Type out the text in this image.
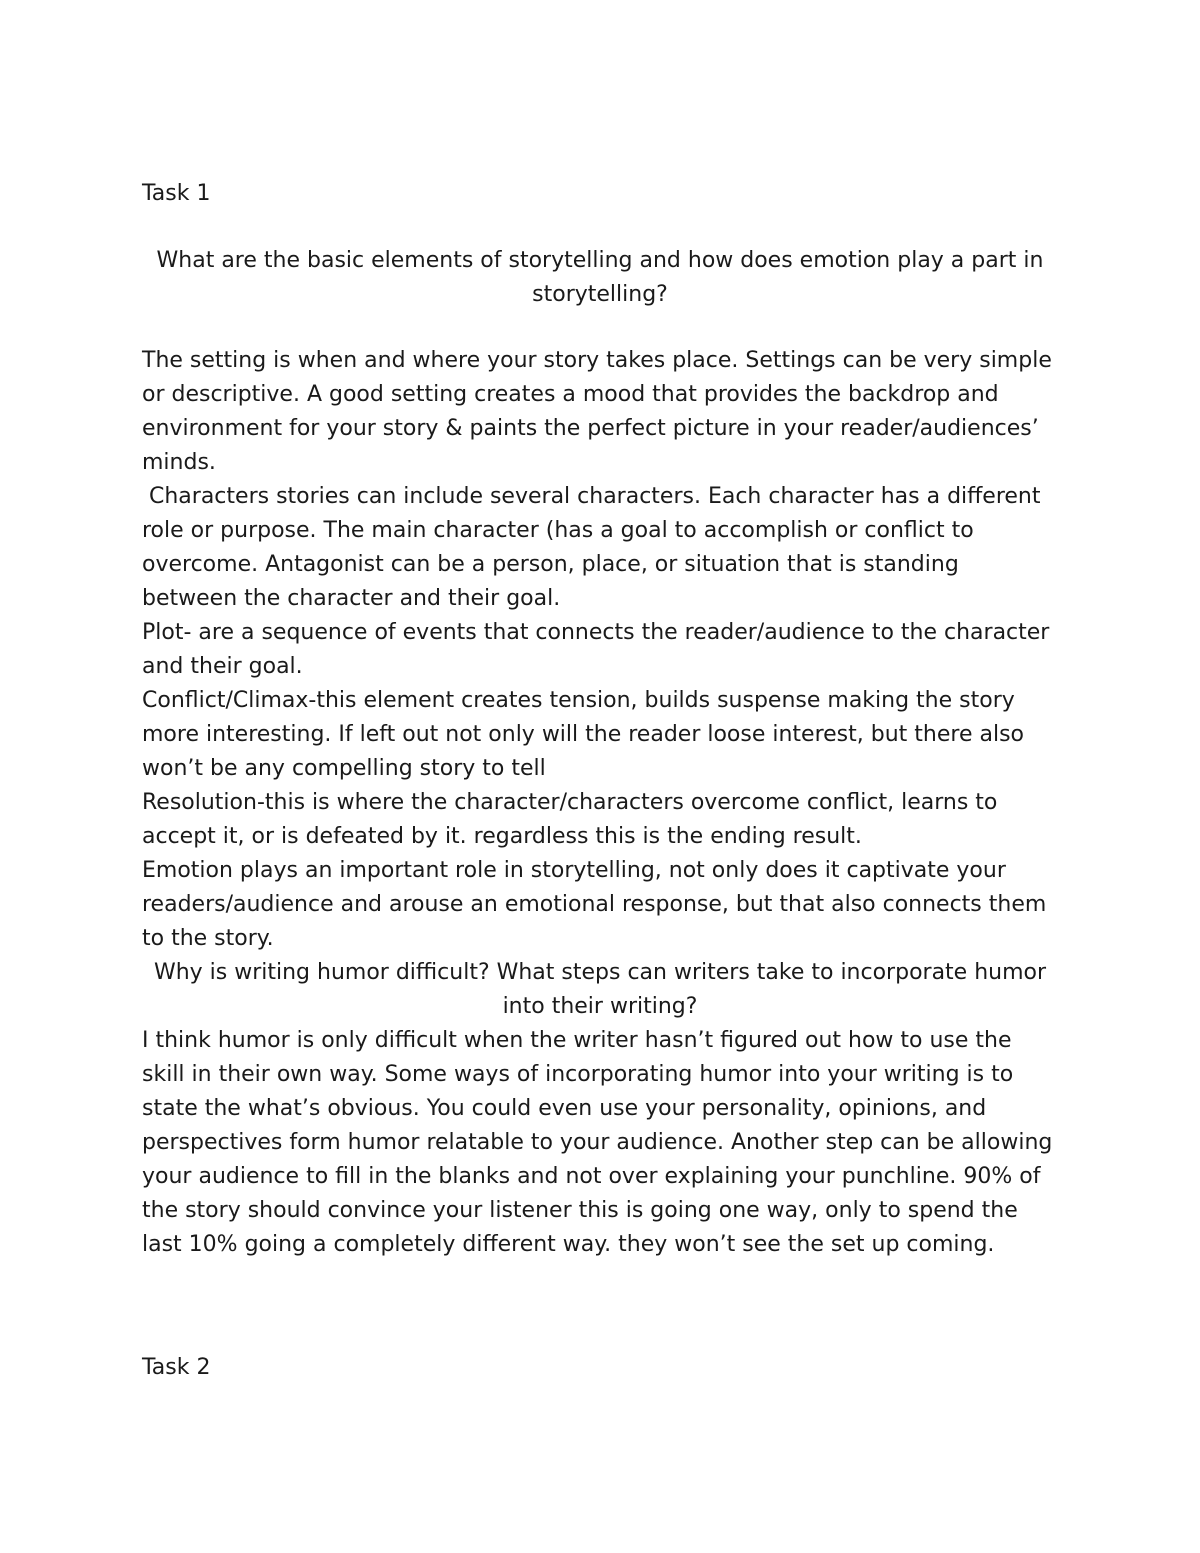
Task 1
What are the basic elements of storytelling and how does emotion play a part in
storytelling?
The setting is when and where your story takes place. Settings can be very simple
or descriptive. A good setting creates a mood that provides the backdrop and
environment for your story & paints the perfect picture in your reader/audiences’
minds.
Characters stories can include several characters. Each character has a different
role or purpose. The main character (has a goal to accomplish or conflict to
overcome. Antagonist can be a person, place, or situation that is standing
between the character and their goal.
Plot- are a sequence of events that connects the reader/audience to the character
and their goal.
Conflict/Climax-this element creates tension, builds suspense making the story
more interesting. If left out not only will the reader loose interest, but there also
won’t be any compelling story to tell
Resolution-this is where the character/characters overcome conflict, learns to
accept it, or is defeated by it. regardless this is the ending result.
Emotion plays an important role in storytelling, not only does it captivate your
readers/audience and arouse an emotional response, but that also connects them
to the story.
Why is writing humor difficult? What steps can writers take to incorporate humor
into their writing?
I think humor is only difficult when the writer hasn’t figured out how to use the
skill in their own way. Some ways of incorporating humor into your writing is to
state the what’s obvious. You could even use your personality, opinions, and
perspectives form humor relatable to your audience. Another step can be allowing
your audience to fill in the blanks and not over explaining your punchline. 90% of
the story should convince your listener this is going one way, only to spend the
last 10% going a completely different way. they won’t see the set up coming.
Task 2
